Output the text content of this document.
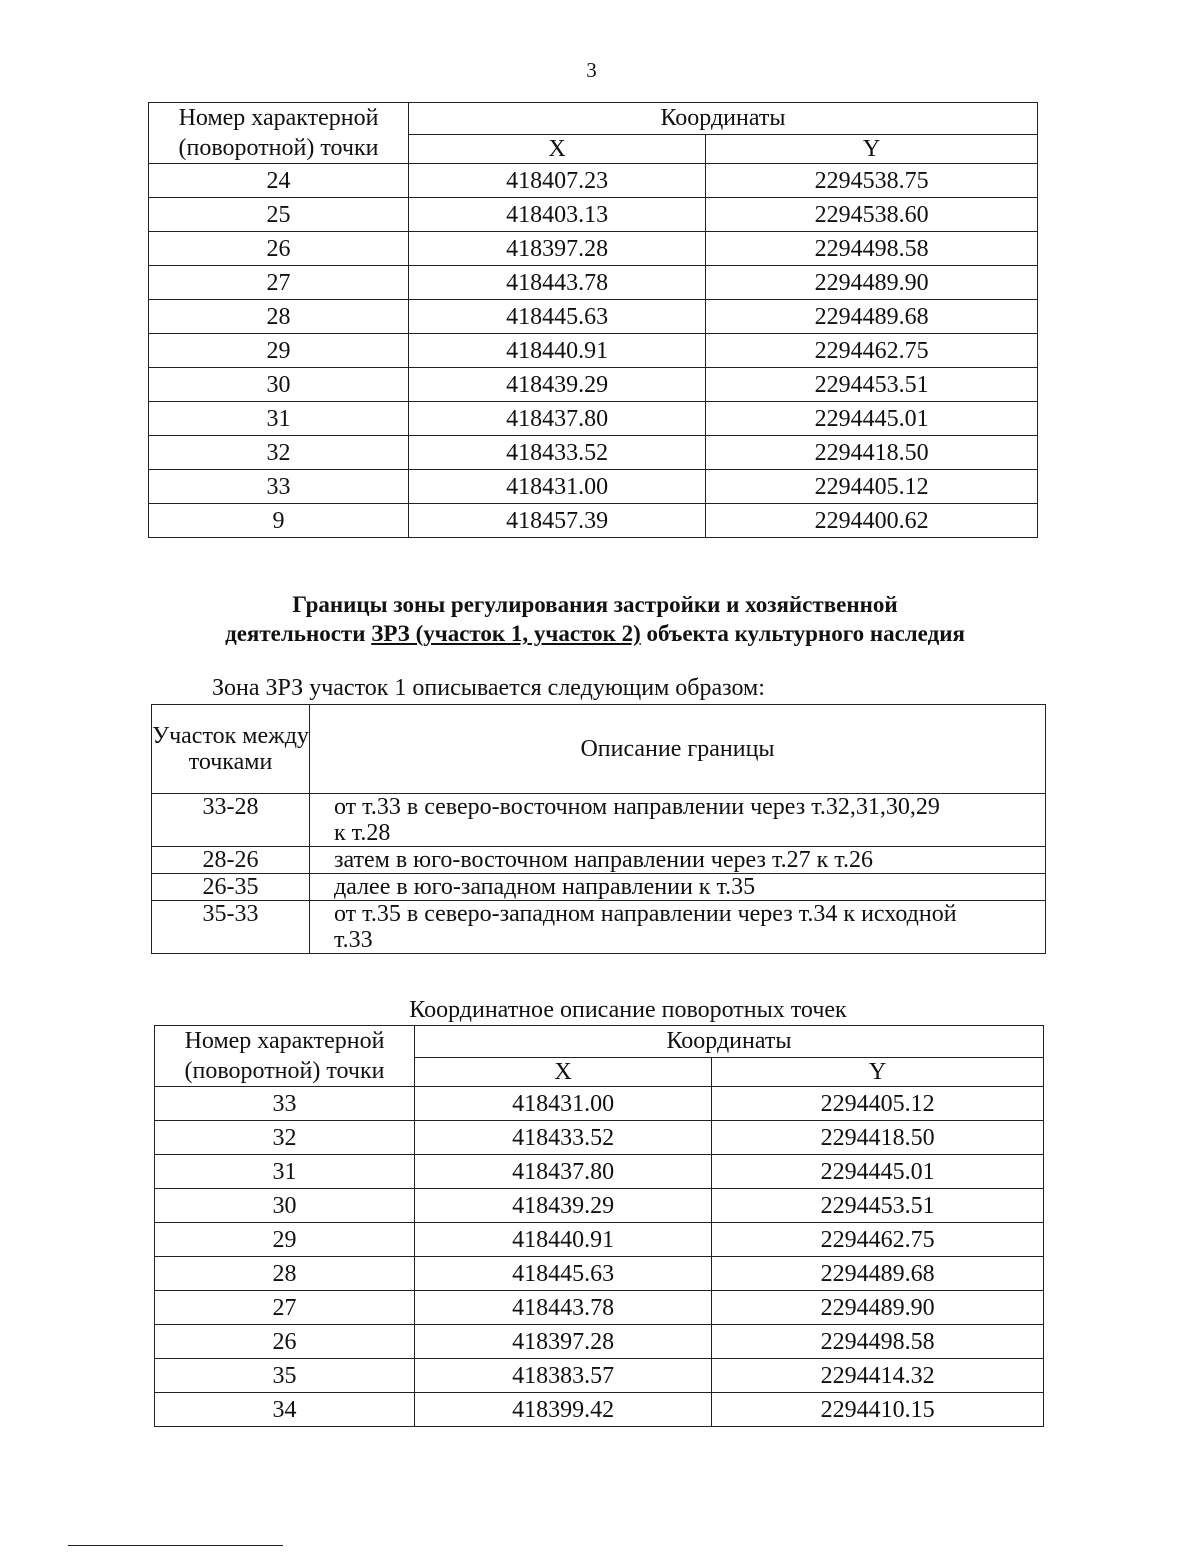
3
Номер характерной (поворотной) точки	Координаты	
	X	Y
24	418407.23	2294538.75
25	418403.13	2294538.60
26	418397.28	2294498.58
27	418443.78	2294489.90
28	418445.63	2294489.68
29	418440.91	2294462.75
30	418439.29	2294453.51
31	418437.80	2294445.01
32	418433.52	2294418.50
33	418431.00	2294405.12
9	418457.39	2294400.62
Границы зоны регулирования застройки и хозяйственной
деятельности ЗРЗ (участок 1, участок 2) объекта культурного наследия
Зона ЗРЗ участок 1 описывается следующим образом:
Участок между точками	Описание границы
33-28	от т.33 в северо-восточном направлении через т.32,31,30,29
к т.28

28-26	затем в юго-восточном направлении через т.27 к т.26

26-35	далее в юго-западном направлении к т.35

35-33	от т.35 в северо-западном направлении через т.34 к исходной
т.33
Координатное описание поворотных точек
Номер характерной (поворотной) точки	Координаты	
	X	Y
33	418431.00	2294405.12
32	418433.52	2294418.50
31	418437.80	2294445.01
30	418439.29	2294453.51
29	418440.91	2294462.75
28	418445.63	2294489.68
27	418443.78	2294489.90
26	418397.28	2294498.58
35	418383.57	2294414.32
34	418399.42	2294410.15
